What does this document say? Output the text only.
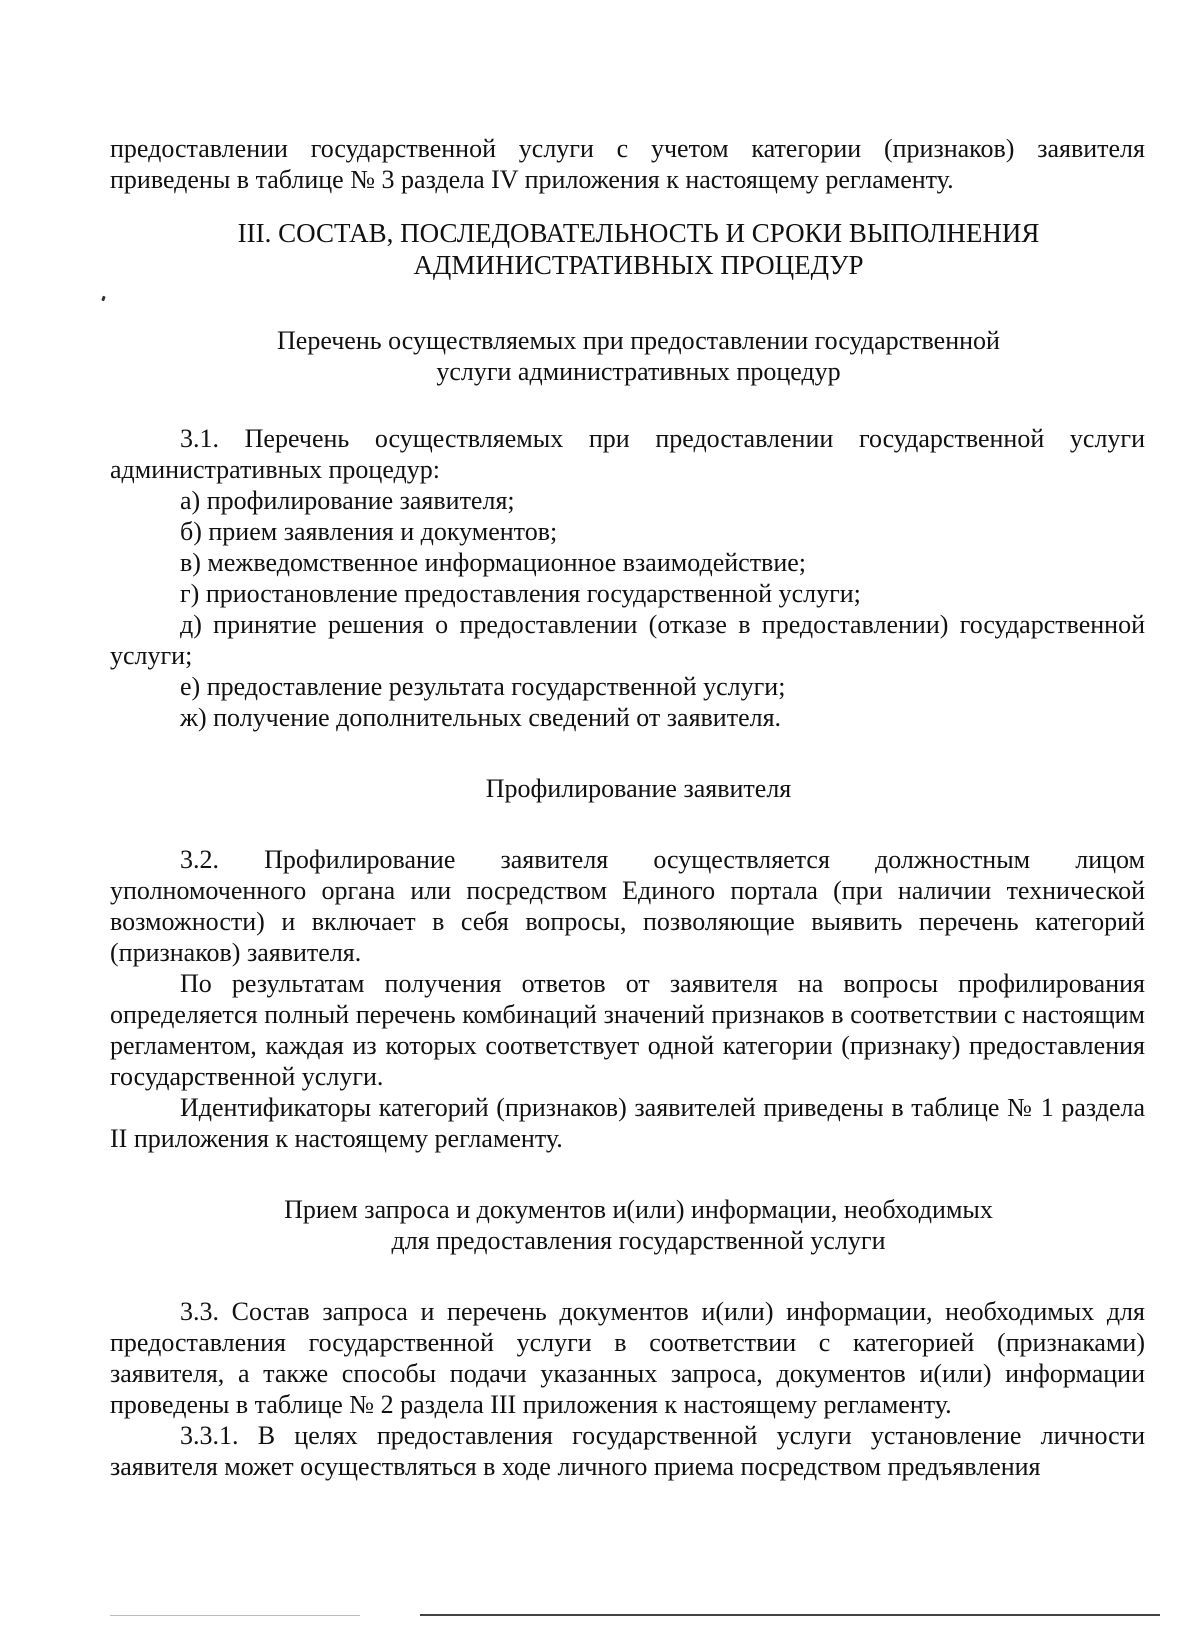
предоставлении государственной услуги с учетом категории (признаков) заявителя приведены в таблице № 3 раздела IV приложения к настоящему регламенту.

III. СОСТАВ, ПОСЛЕДОВАТЕЛЬНОСТЬ И СРОКИ ВЫПОЛНЕНИЯ
АДМИНИСТРАТИВНЫХ ПРОЦЕДУР

Перечень осуществляемых при предоставлении государственной
услуги административных процедур

3.1. Перечень осуществляемых при предоставлении государственной услуги административных процедур:

а) профилирование заявителя;

б) прием заявления и документов;

в) межведомственное информационное взаимодействие;

г) приостановление предоставления государственной услуги;

д) принятие решения о предоставлении (отказе в предоставлении) государственной услуги;

е) предоставление результата государственной услуги;

ж) получение дополнительных сведений от заявителя.

Профилирование заявителя

3.2. Профилирование заявителя осуществляется должностным лицом уполномоченного органа или посредством Единого портала (при наличии технической возможности) и включает в себя вопросы, позволяющие выявить перечень категорий (признаков) заявителя.

По результатам получения ответов от заявителя на вопросы профилирования определяется полный перечень комбинаций значений признаков в соответствии с настоящим регламентом, каждая из которых соответствует одной категории (признаку) предоставления государственной услуги.

Идентификаторы категорий (признаков) заявителей приведены в таблице № 1 раздела II приложения к настоящему регламенту.

Прием запроса и документов и(или) информации, необходимых
для предоставления государственной услуги

3.3. Состав запроса и перечень документов и(или) информации, необходимых для предоставления государственной услуги в соответствии с категорией (признаками) заявителя, а также способы подачи указанных запроса, документов и(или) информации проведены в таблице № 2 раздела III приложения к настоящему регламенту.

3.3.1. В целях предоставления государственной услуги установление личности заявителя может осуществляться в ходе личного приема посредством предъявления
